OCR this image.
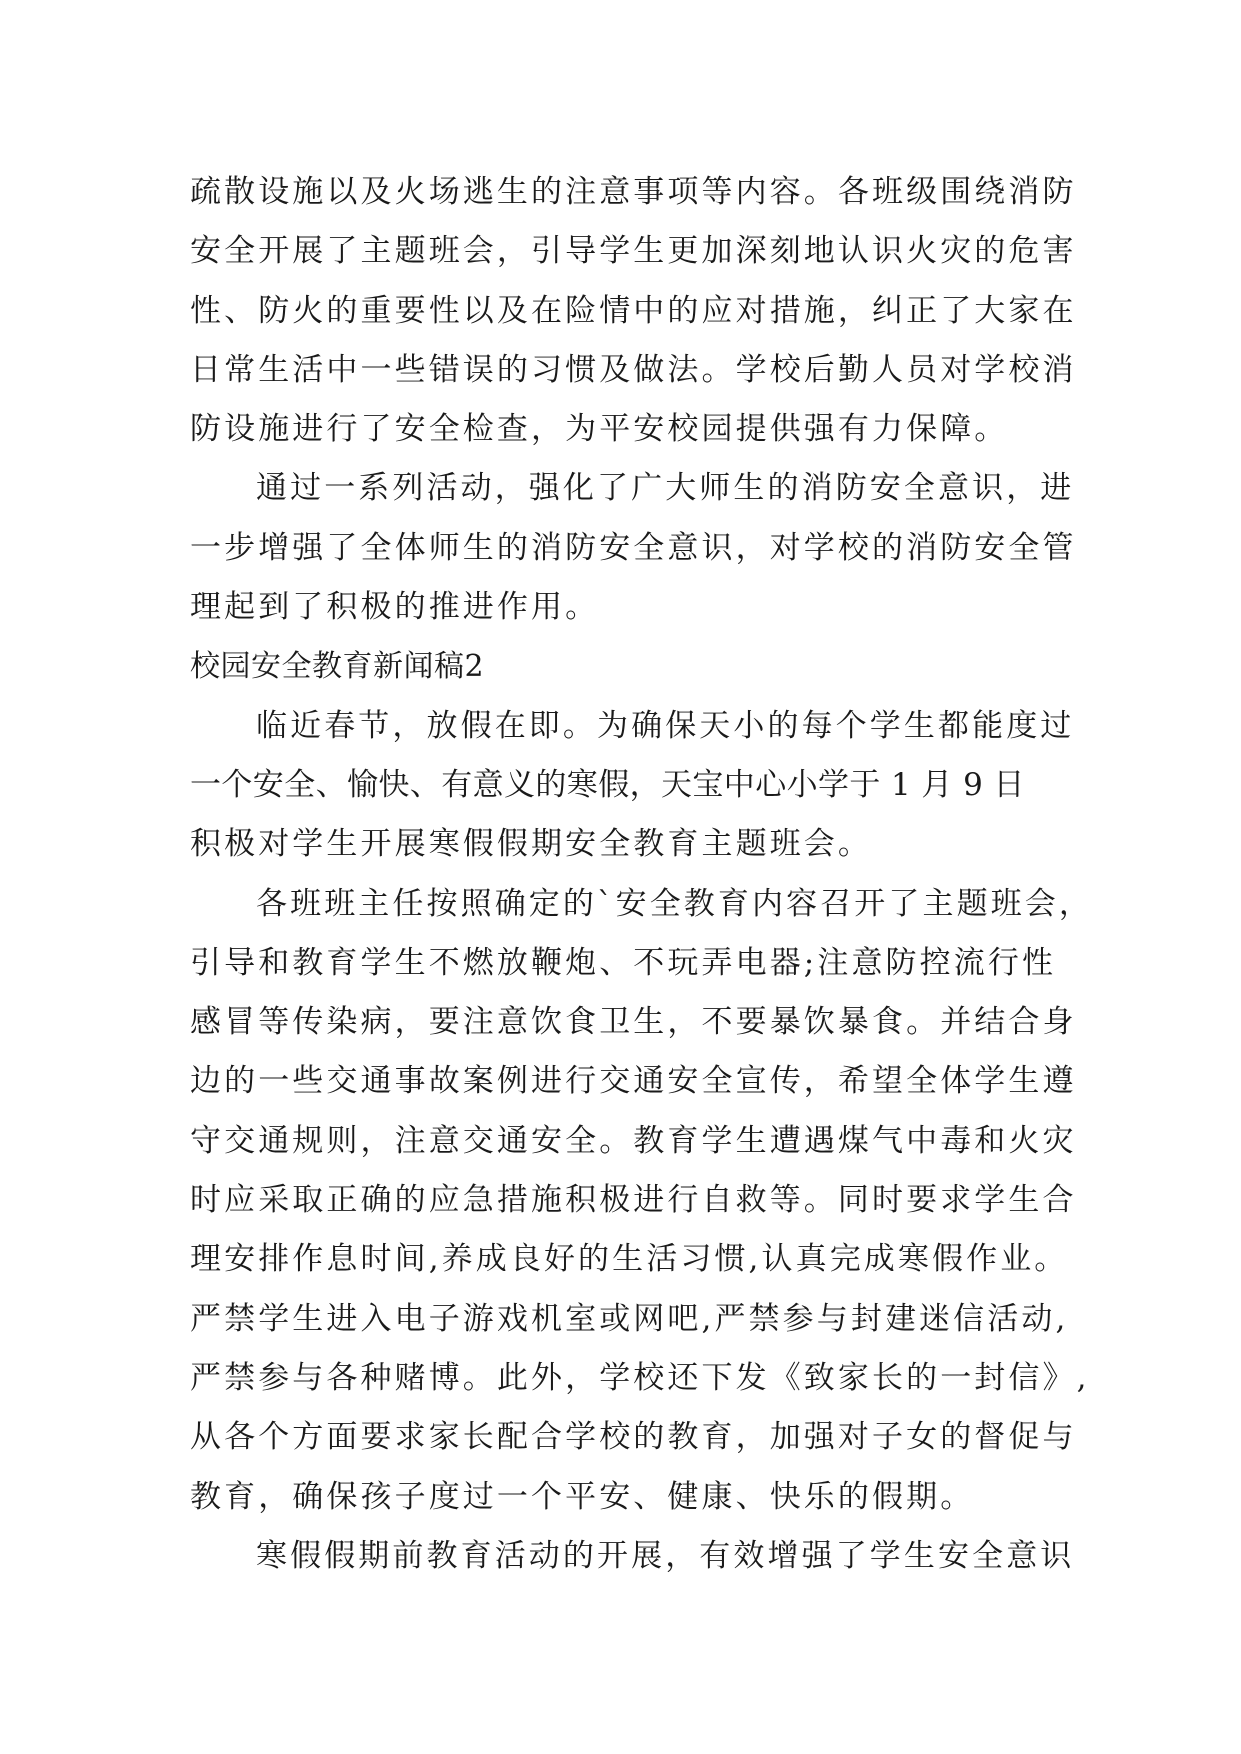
疏散设施以及火场逃生的注意事项等内容。各班级围绕消防
安全开展了主题班会，引导学生更加深刻地认识火灾的危害
性、防火的重要性以及在险情中的应对措施，纠正了大家在
日常生活中一些错误的习惯及做法。学校后勤人员对学校消
防设施进行了安全检查，为平安校园提供强有力保障。
通过一系列活动，强化了广大师生的消防安全意识，进
一步增强了全体师生的消防安全意识，对学校的消防安全管
理起到了积极的推进作用。
校园安全教育新闻稿2
临近春节，放假在即。为确保天小的每个学生都能度过
一个安全、愉快、有意义的寒假，天宝中心小学于 1 月 9 日
积极对学生开展寒假假期安全教育主题班会。
各班班主任按照确定的`安全教育内容召开了主题班会，
引导和教育学生不燃放鞭炮、不玩弄电器;注意防控流行性
感冒等传染病，要注意饮食卫生，不要暴饮暴食。并结合身
边的一些交通事故案例进行交通安全宣传，希望全体学生遵
守交通规则，注意交通安全。教育学生遭遇煤气中毒和火灾
时应采取正确的应急措施积极进行自救等。同时要求学生合
理安排作息时间,养成良好的生活习惯,认真完成寒假作业。
严禁学生进入电子游戏机室或网吧,严禁参与封建迷信活动,
严禁参与各种赌博。此外，学校还下发《致家长的一封信》,
从各个方面要求家长配合学校的教育，加强对子女的督促与
教育，确保孩子度过一个平安、健康、快乐的假期。
寒假假期前教育活动的开展，有效增强了学生安全意识
